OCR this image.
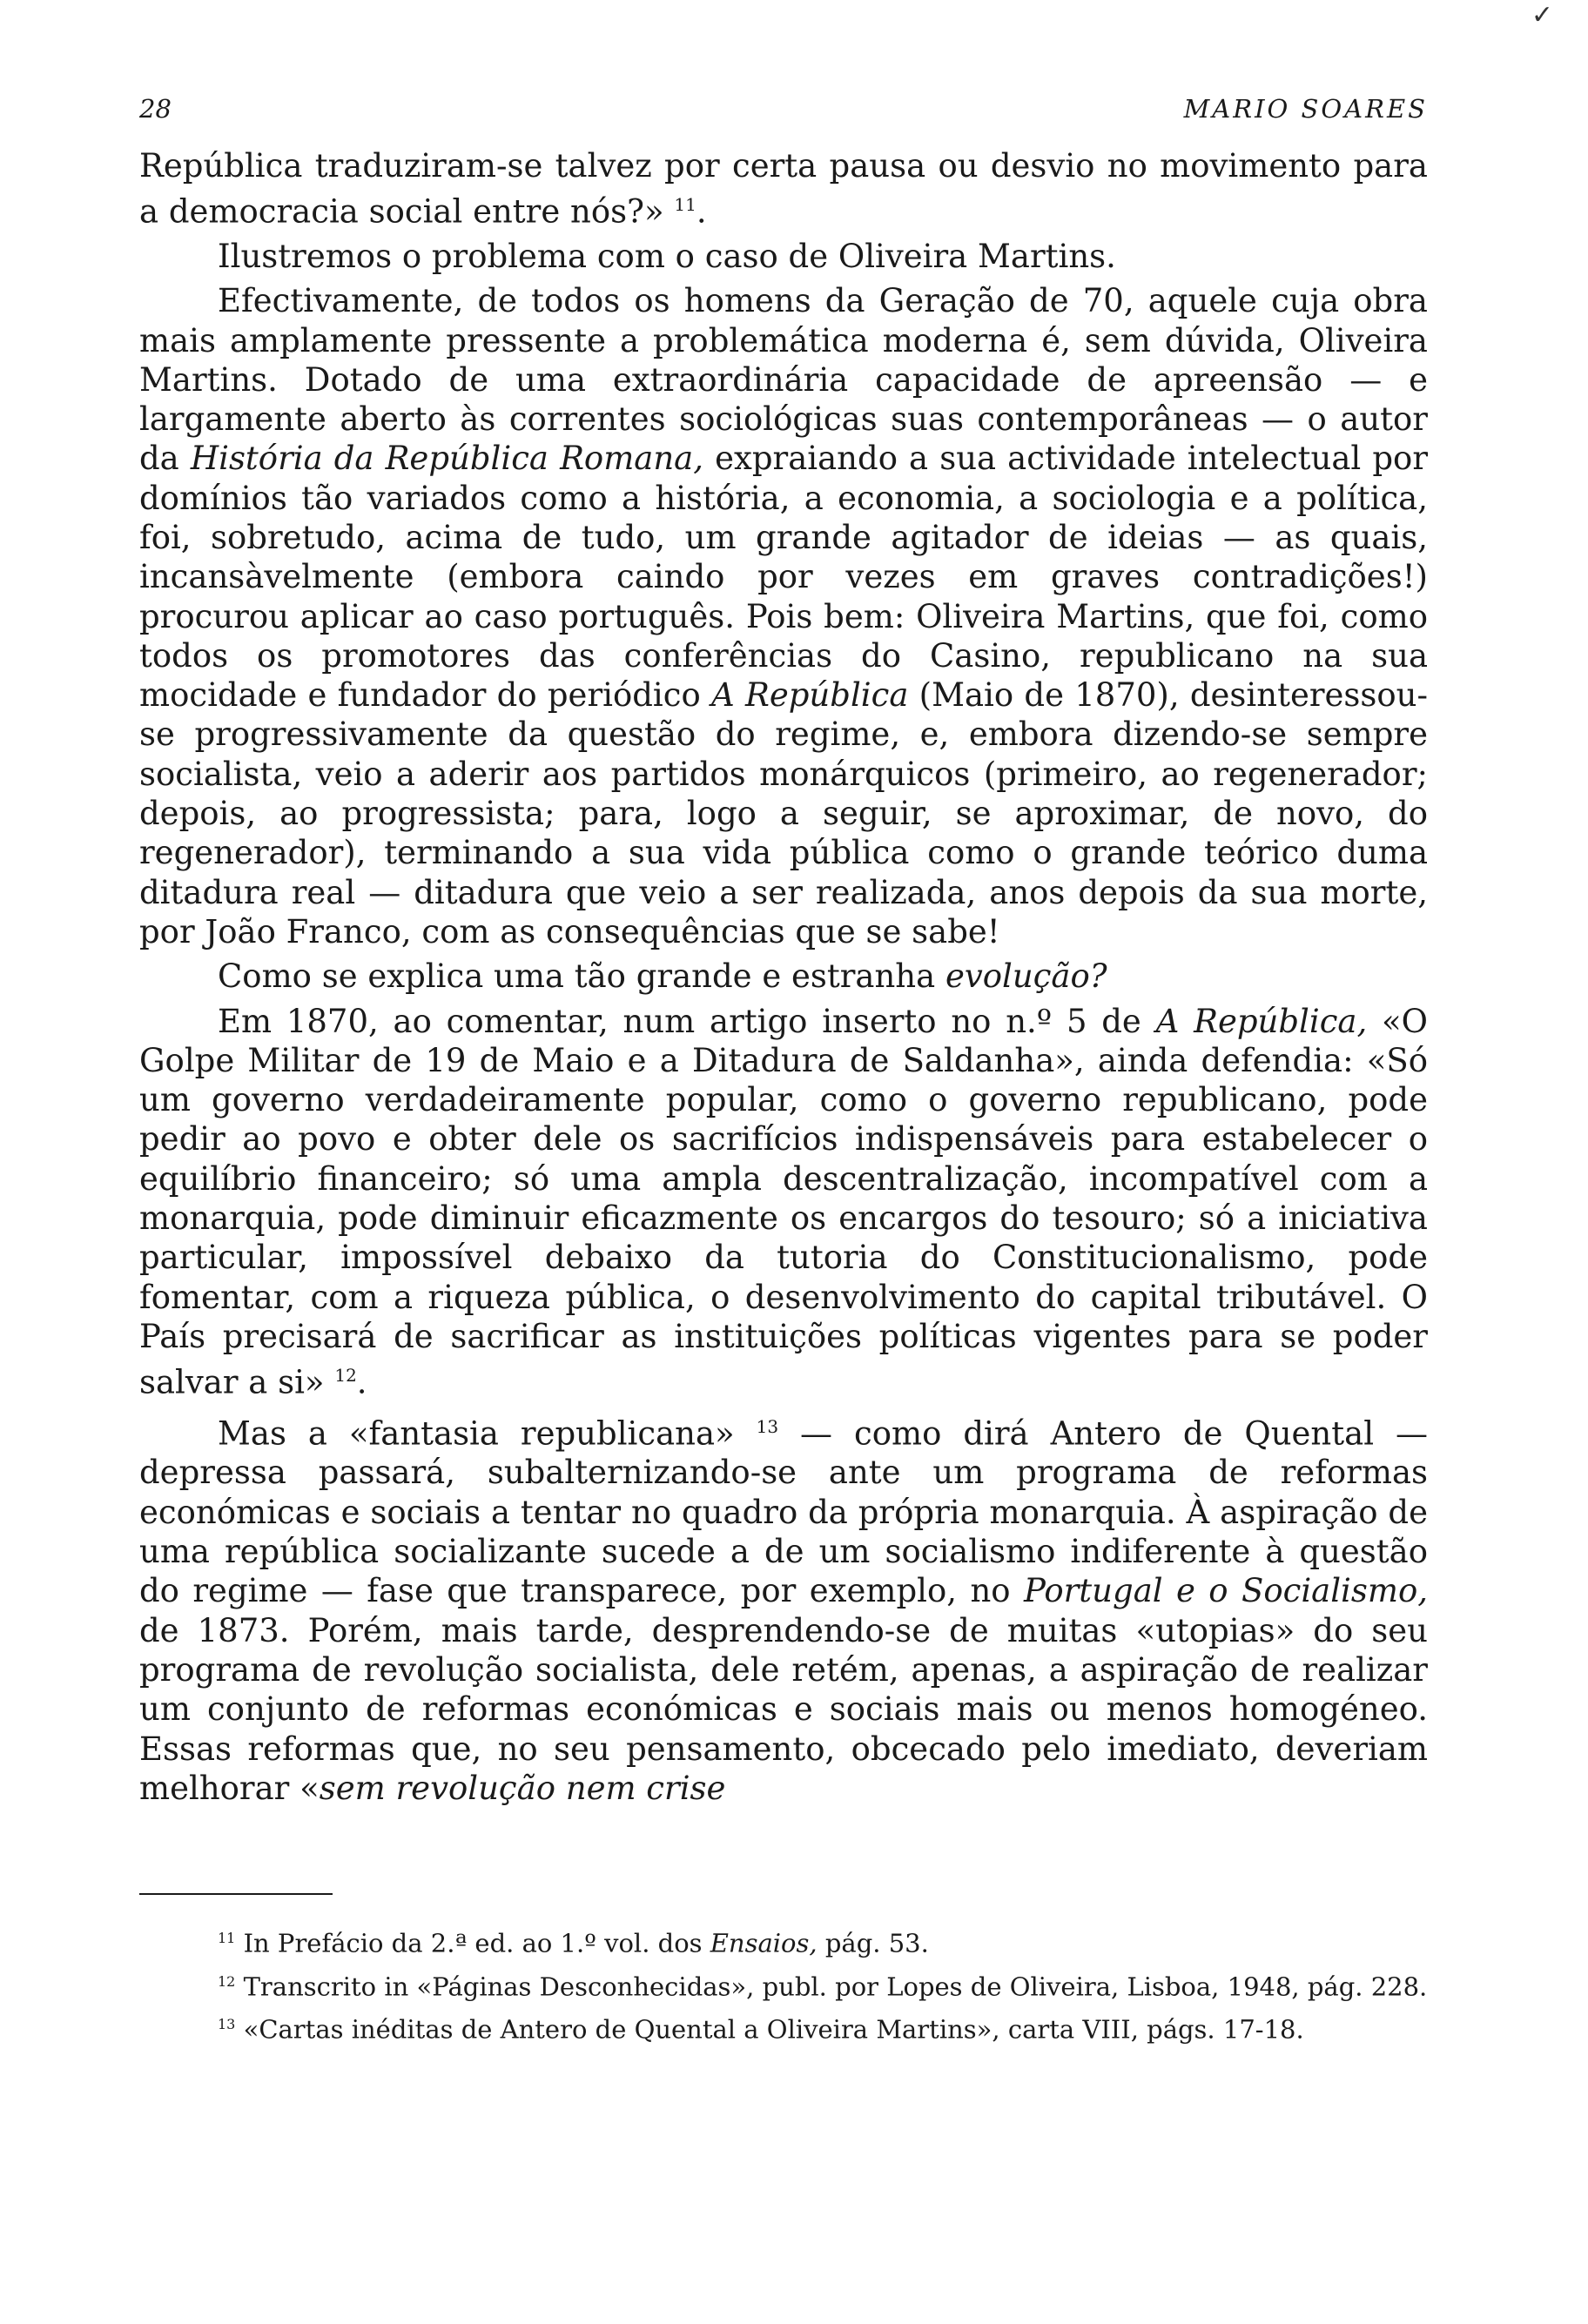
✓
28	MARIO SOARES

República traduziram-se talvez por certa pausa ou desvio no movimento para a democracia social entre nós?» $^{11}$.

Ilustremos o problema com o caso de Oliveira Martins.

Efectivamente, de todos os homens da Geração de 70, aquele cuja obra mais amplamente pressente a problemática moderna é, sem dúvida, Oliveira Martins. Dotado de uma extraordinária capacidade de apreensão — e largamente aberto às correntes sociológicas suas contemporâneas — o autor da História da República Romana, expraiando a sua actividade intelectual por domínios tão variados como a história, a economia, a sociologia e a política, foi, sobretudo, acima de tudo, um grande agitador de ideias — as quais, incansàvelmente (embora caindo por vezes em graves contradições!) procurou aplicar ao caso português. Pois bem: Oliveira Martins, que foi, como todos os promotores das conferências do Casino, republicano na sua mocidade e fundador do periódico A República (Maio de 1870), desinteressou-se progressivamente da questão do regime, e, embora dizendo-se sempre socialista, veio a aderir aos partidos monárquicos (primeiro, ao regenerador; depois, ao progressista; para, logo a seguir, se aproximar, de novo, do regenerador), terminando a sua vida pública como o grande teórico duma ditadura real — ditadura que veio a ser realizada, anos depois da sua morte, por João Franco, com as consequências que se sabe!

Como se explica uma tão grande e estranha evolução?

Em 1870, ao comentar, num artigo inserto no n.º 5 de A República, «O Golpe Militar de 19 de Maio e a Ditadura de Saldanha», ainda defendia: «Só um governo verdadeiramente popular, como o governo republicano, pode pedir ao povo e obter dele os sacrifícios indispensáveis para estabelecer o equilíbrio financeiro; só uma ampla descentralização, incompatível com a monarquia, pode diminuir eficazmente os encargos do tesouro; só a iniciativa particular, impossível debaixo da tutoria do Constitucionalismo, pode fomentar, com a riqueza pública, o desenvolvimento do capital tributável. O País precisará de sacrificar as instituições políticas vigentes para se poder salvar a si» $^{12}$.

Mas a «fantasia republicana» $^{13}$ — como dirá Antero de Quental — depressa passará, subalternizando-se ante um programa de reformas económicas e sociais a tentar no quadro da própria monarquia. À aspiração de uma república socializante sucede a de um socialismo indiferente à questão do regime — fase que transparece, por exemplo, no Portugal e o Socialismo, de 1873. Porém, mais tarde, desprendendo-se de muitas «utopias» do seu programa de revolução socialista, dele retém, apenas, a aspiração de realizar um conjunto de reformas económicas e sociais mais ou menos homogéneo. Essas reformas que, no seu pensamento, obcecado pelo imediato, deveriam melhorar «sem revolução nem crise

$^{11}$ In Prefácio da 2.ª ed. ao 1.º vol. dos Ensaios, pág. 53.

$^{12}$ Transcrito in «Páginas Desconhecidas», publ. por Lopes de Oliveira, Lisboa, 1948, pág. 228.

$^{13}$ «Cartas inéditas de Antero de Quental a Oliveira Martins», carta VIII, págs. 17-18.
